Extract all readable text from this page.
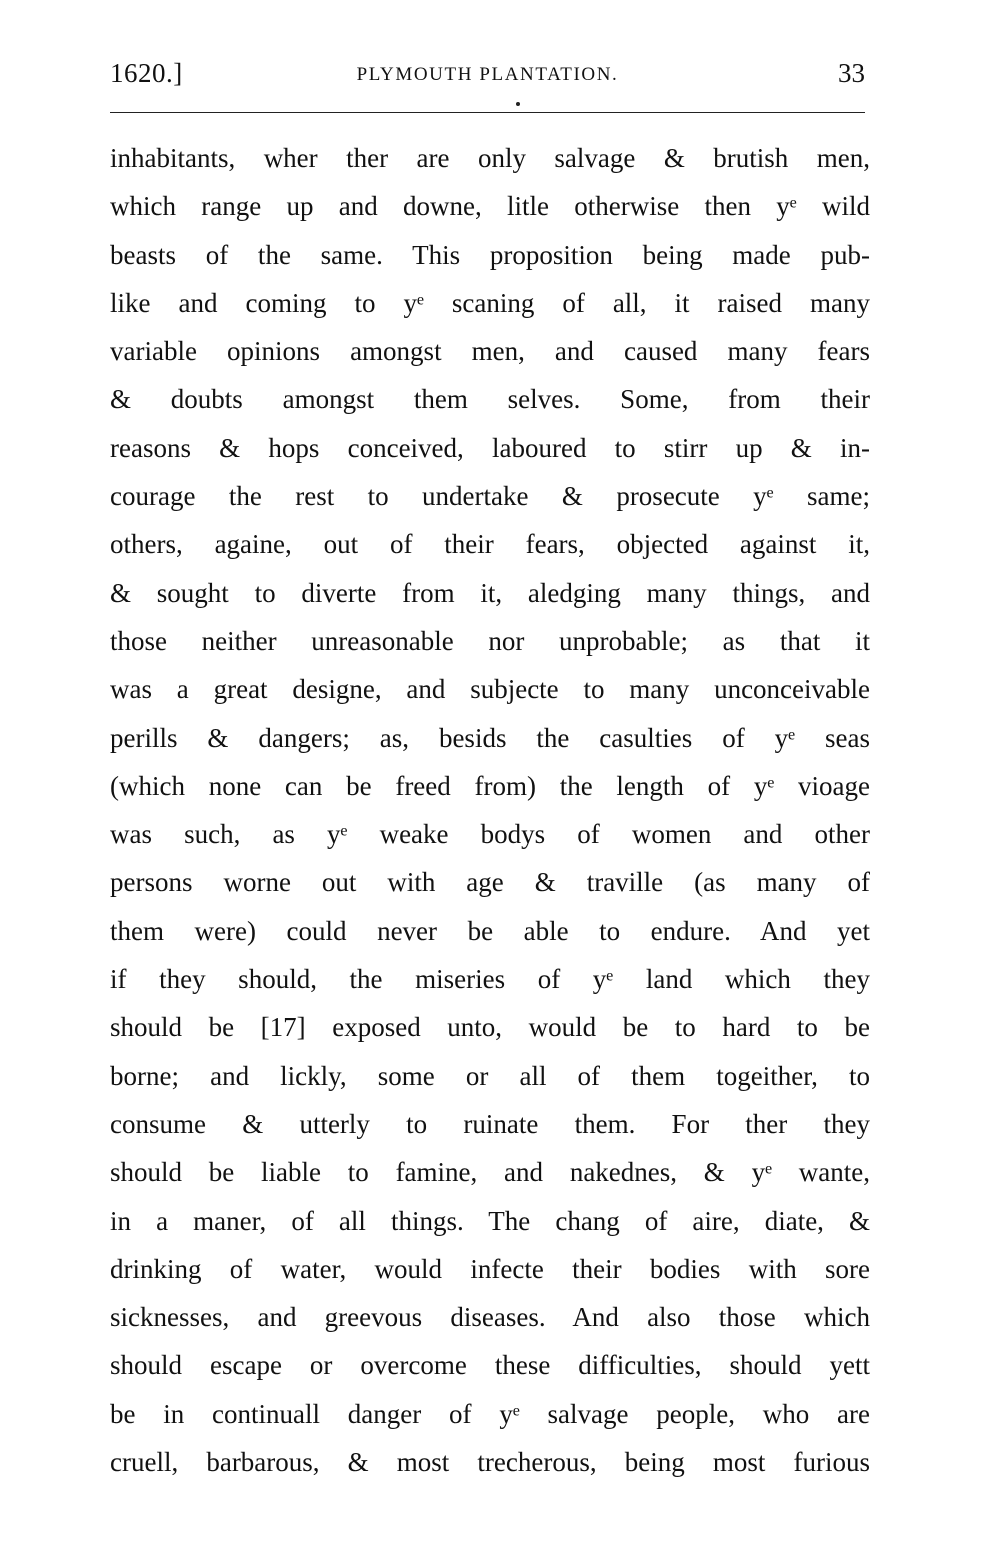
1620.]	PLYMOUTH PLANTATION.	33
inhabitants, wher ther are only salvage & brutish men,
which range up and downe, litle otherwise then yᵉ wild
beasts of the same. This proposition being made pub-
like and coming to yᵉ scaning of all, it raised many
variable opinions amongst men, and caused many fears
& doubts amongst them selves. Some, from their
reasons & hops conceived, laboured to stirr up & in-
courage the rest to undertake & prosecute yᵉ same;
others, againe, out of their fears, objected against it,
& sought to diverte from it, aledging many things, and
those neither unreasonable nor unprobable; as that it
was a great designe, and subjecte to many unconceivable
perills & dangers; as, besids the casulties of yᵉ seas
(which none can be freed from) the length of yᵉ vioage
was such, as yᵉ weake bodys of women and other
persons worne out with age & traville (as many of
them were) could never be able to endure. And yet
if they should, the miseries of yᵉ land which they
should be [17] exposed unto, would be to hard to be
borne; and lickly, some or all of them togeither, to
consume & utterly to ruinate them. For ther they
should be liable to famine, and nakednes, & yᵉ wante,
in a maner, of all things. The chang of aire, diate, &
drinking of water, would infecte their bodies with sore
sicknesses, and greevous diseases. And also those which
should escape or overcome these difficulties, should yett
be in continuall danger of yᵉ salvage people, who are
cruell, barbarous, & most trecherous, being most furious
